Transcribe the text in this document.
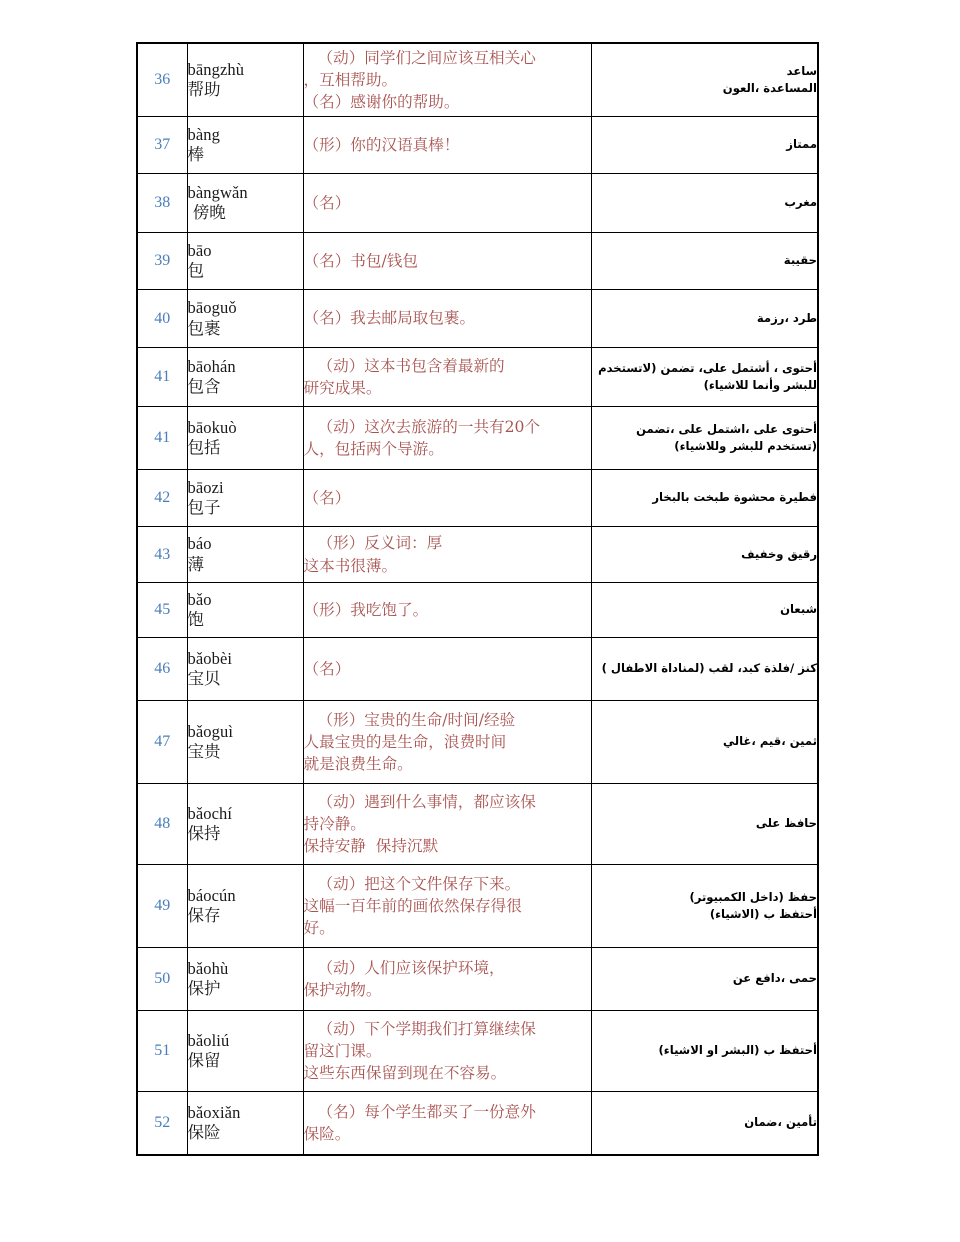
36	bāngzhù
帮助	（动）同学们之间应该互相关心
，互相帮助。
（名）感谢你的帮助。	ساعد
المساعدة ،العون

37	bàng
棒	（形）你的汉语真棒！	ممتاز

38	bàngwǎn
傍晚	（名）	مغرب

39	bāo
包	（名）书包/钱包	حقيبة

40	bāoguǒ
包裹	（名）我去邮局取包裹。	طرد ،رزمة

41	bāohán
包含	（动）这本书包含着最新的
研究成果。	أحتوى ، أشتمل على، تضمن (لاتستخدم
للبشر وأنما للاشياء)

41	bāokuò
包括	（动）这次去旅游的一共有20个
人，包括两个导游。	أحتوى على ،اشتمل على ،تضمن
(تستخدم للبشر وللاشياء)

42	bāozi
包子	（名）	فطيرة محشوة طبخت بالبخار

43	báo
薄	（形）反义词：厚
这本书很薄。	رقيق وخفيف

45	bǎo
饱	（形）我吃饱了。	شبعان

46	bǎobèi
宝贝	（名）	كنز /فلذة كبد، لقب (لمناداة الاطفال )

47	bǎoguì
宝贵	（形）宝贵的生命/时间/经验
人最宝贵的是生命，浪费时间
就是浪费生命。	ثمين ،قيم ،غالي

48	bǎochí
保持	（动）遇到什么事情，都应该保
持冷静。
保持安静  保持沉默	حافظ على

49	báocún
保存	（动）把这个文件保存下来。
这幅一百年前的画依然保存得很
好。	حفظ (داخل الكمبيوتر)
أحتفظ ب (الاشياء)

50	bǎohù
保护	（动）人们应该保护环境，
保护动物。	حمى ،دافع عن

51	bǎoliú
保留	（动）下个学期我们打算继续保
留这门课。
这些东西保留到现在不容易。	أحتفظ ب (البشر او الاشياء)

52	bǎoxiǎn
保险	（名）每个学生都买了一份意外
保险。	تأمين ،ضمان
